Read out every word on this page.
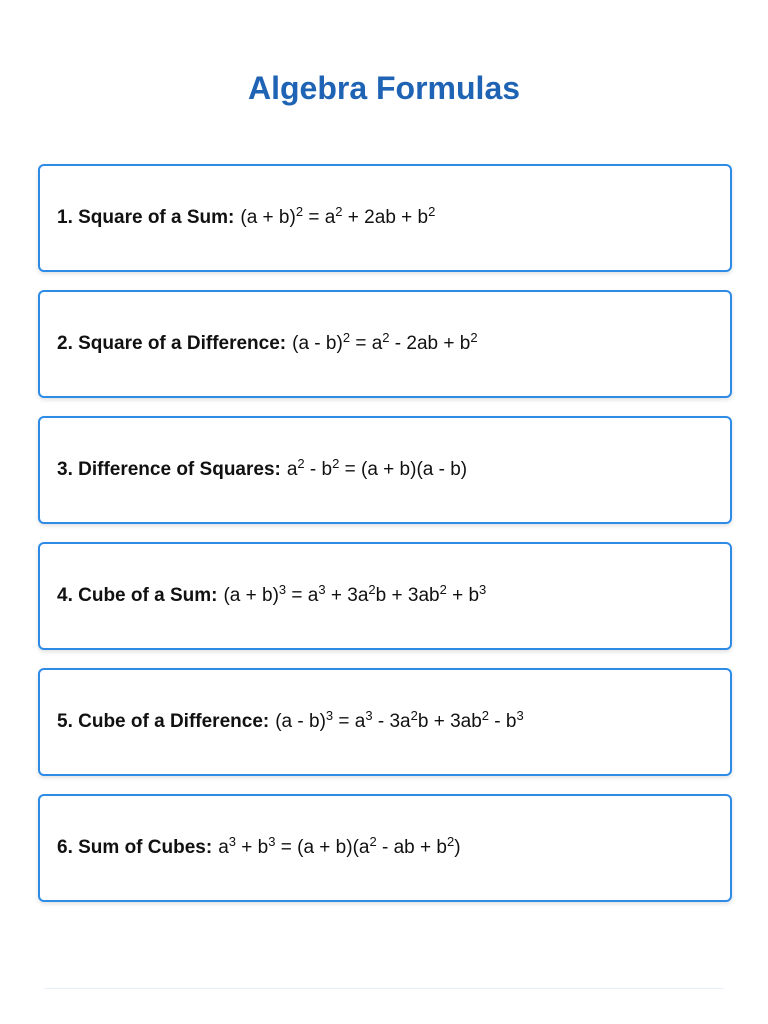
Algebra Formulas
1. Square of a Sum: $(a + b)^2 = a^2 + 2ab + b^2$
2. Square of a Difference: $(a - b)^2 = a^2 - 2ab + b^2$
3. Difference of Squares: $a^2 - b^2 = (a + b)(a - b)$
4. Cube of a Sum: $(a + b)^3 = a^3 + 3a^2b + 3ab^2 + b^3$
5. Cube of a Difference: $(a - b)^3 = a^3 - 3a^2b + 3ab^2 - b^3$
6. Sum of Cubes: $a^3 + b^3 = (a + b)(a^2$ - ab + $b^2$)
